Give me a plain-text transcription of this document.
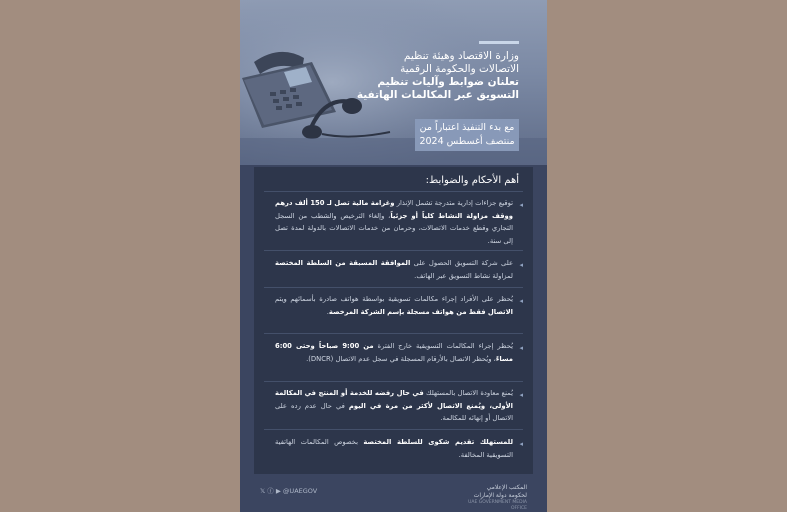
وزارة الاقتصاد وهيئة تنظيم
الاتصالات والحكومة الرقمية
تعلنان ضوابط وآليات تنظيم
التسويق عبر المكالمات الهاتفية
مع بدء التنفيذ اعتباراً من
منتصف أغسطس 2024
أهم الأحكام والضوابط:
◂
توقيع جزاءات إدارية متدرجة تشمل الإنذار وغرامة مالية تصل لـ 150 ألف درهم ووقف مزاولة النشاط كلياً أو جزئياً، وإلغاء الترخيص والشطب من السجل التجاري وقطع خدمات الاتصالات، وحرمان من خدمات الاتصالات بالدولة لمدة تصل إلى سنة.
◂
على شركة التسويق الحصول على الموافقة المسبقة من السلطة المختصة لمزاولة نشاط التسويق عبر الهاتف.
◂
يُحظر على الأفراد إجراء مكالمات تسويقية بواسطة هواتف صادرة بأسمائهم ويتم الاتصال فقط من هواتف مسجلة بإسم الشركة المرخصة.
◂
يُحظر إجراء المكالمات التسويقية خارج الفترة من 9:00 صباحاً وحتى 6:00 مساءً، ويُحظر الاتصال بالأرقام المسجلة في سجل عدم الاتصال (DNCR).
◂
يُمنع معاودة الاتصال بالمستهلك في حال رفضه للخدمة أو المنتج في المكالمة الأولى، ويُمنع الاتصال لأكثر من مرة في اليوم في حال عدم رده على الاتصال أو إنهائه للمكالمة.
◂
للمستهلك تقديم شكوى للسلطة المختصة بخصوص المكالمات الهاتفية التسويقية المخالفة.
𝕏 ⓕ ▶ @UAEGOV	المكتب الإعلامي
لحكومة دولة الإمارات
UAE GOVERNMENT MEDIA OFFICE
